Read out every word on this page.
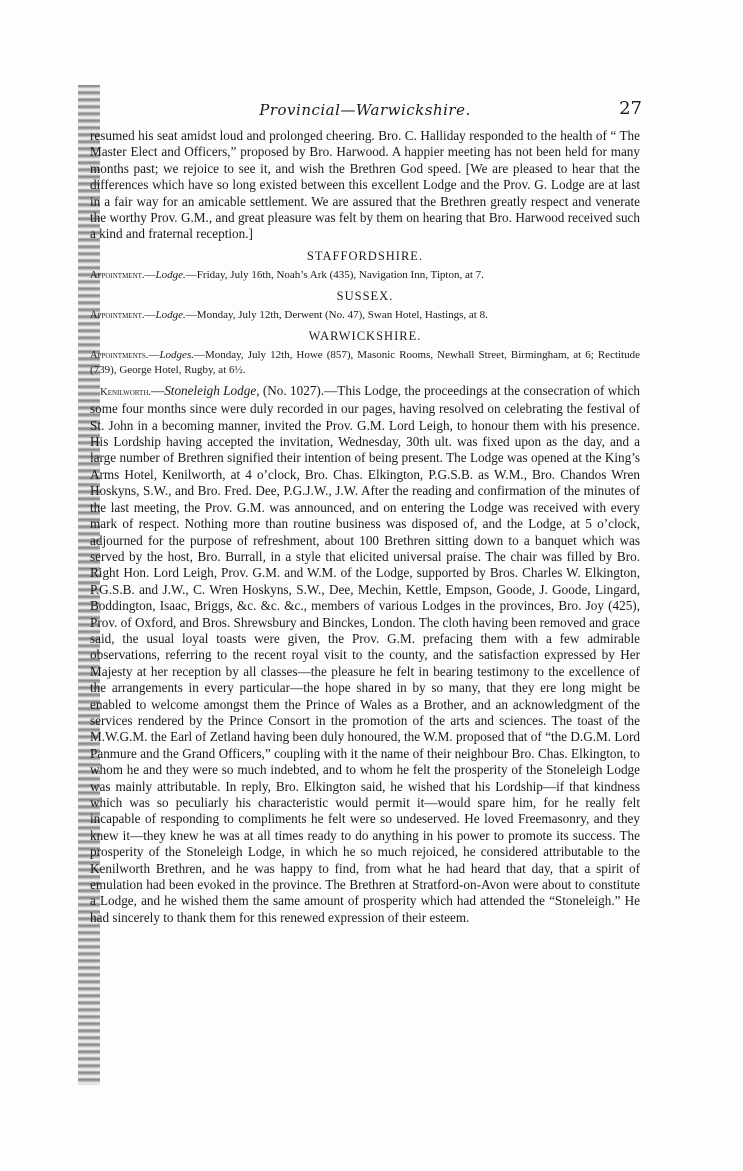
Provincial—Warwickshire.	27

resumed his seat amidst loud and prolonged cheering. Bro. C. Halliday responded to the health of “ The Master Elect and Officers,” proposed by Bro. Harwood. A happier meeting has not been held for many months past; we rejoice to see it, and wish the Brethren God speed. [We are pleased to hear that the differences which have so long existed between this excellent Lodge and the Prov. G. Lodge are at last in a fair way for an amicable settlement. We are assured that the Brethren greatly respect and venerate the worthy Prov. G.M., and great pleasure was felt by them on hearing that Bro. Harwood received such a kind and fraternal reception.]

STAFFORDSHIRE.

Appointment.—Lodge.—Friday, July 16th, Noah’s Ark (435), Navigation Inn, Tipton, at 7.

SUSSEX.

Appointment.—Lodge.—Monday, July 12th, Derwent (No. 47), Swan Hotel, Hastings, at 8.

WARWICKSHIRE.

Appointments.—Lodges.—Monday, July 12th, Howe (857), Masonic Rooms, Newhall Street, Birmingham, at 6; Rectitude (739), George Hotel, Rugby, at 6½.

Kenilworth.—Stoneleigh Lodge, (No. 1027).—This Lodge, the proceedings at the consecration of which some four months since were duly recorded in our pages, having resolved on celebrating the festival of St. John in a becoming manner, invited the Prov. G.M. Lord Leigh, to honour them with his presence. His Lordship having accepted the invitation, Wednesday, 30th ult. was fixed upon as the day, and a large number of Brethren signified their intention of being present. The Lodge was opened at the King’s Arms Hotel, Kenilworth, at 4 o’clock, Bro. Chas. Elkington, P.G.S.B. as W.M., Bro. Chandos Wren Hoskyns, S.W., and Bro. Fred. Dee, P.G.J.W., J.W. After the reading and confirmation of the minutes of the last meeting, the Prov. G.M. was announced, and on entering the Lodge was received with every mark of respect. Nothing more than routine business was disposed of, and the Lodge, at 5 o’clock, adjourned for the purpose of refreshment, about 100 Brethren sitting down to a banquet which was served by the host, Bro. Burrall, in a style that elicited universal praise. The chair was filled by Bro. Right Hon. Lord Leigh, Prov. G.M. and W.M. of the Lodge, supported by Bros. Charles W. Elkington, P.G.S.B. and J.W., C. Wren Hoskyns, S.W., Dee, Mechin, Kettle, Empson, Goode, J. Goode, Lingard, Boddington, Isaac, Briggs, &c. &c. &c., members of various Lodges in the provinces, Bro. Joy (425), Prov. of Oxford, and Bros. Shrewsbury and Binckes, London. The cloth having been removed and grace said, the usual loyal toasts were given, the Prov. G.M. prefacing them with a few admirable observations, referring to the recent royal visit to the county, and the satisfaction expressed by Her Majesty at her reception by all classes—the pleasure he felt in bearing testimony to the excellence of the arrangements in every particular—the hope shared in by so many, that they ere long might be enabled to welcome amongst them the Prince of Wales as a Brother, and an acknowledgment of the services rendered by the Prince Consort in the promotion of the arts and sciences. The toast of the M.W.G.M. the Earl of Zetland having been duly honoured, the W.M. proposed that of “the D.G.M. Lord Panmure and the Grand Officers,” coupling with it the name of their neighbour Bro. Chas. Elkington, to whom he and they were so much indebted, and to whom he felt the prosperity of the Stoneleigh Lodge was mainly attributable. In reply, Bro. Elkington said, he wished that his Lordship—if that kindness which was so peculiarly his characteristic would permit it—would spare him, for he really felt incapable of responding to compliments he felt were so undeserved. He loved Freemasonry, and they knew it—they knew he was at all times ready to do anything in his power to promote its success. The prosperity of the Stoneleigh Lodge, in which he so much rejoiced, he considered attributable to the Kenilworth Brethren, and he was happy to find, from what he had heard that day, that a spirit of emulation had been evoked in the province. The Brethren at Stratford-on-Avon were about to constitute a Lodge, and he wished them the same amount of prosperity which had attended the “Stoneleigh.” He had sincerely to thank them for this renewed expression of their esteem.
